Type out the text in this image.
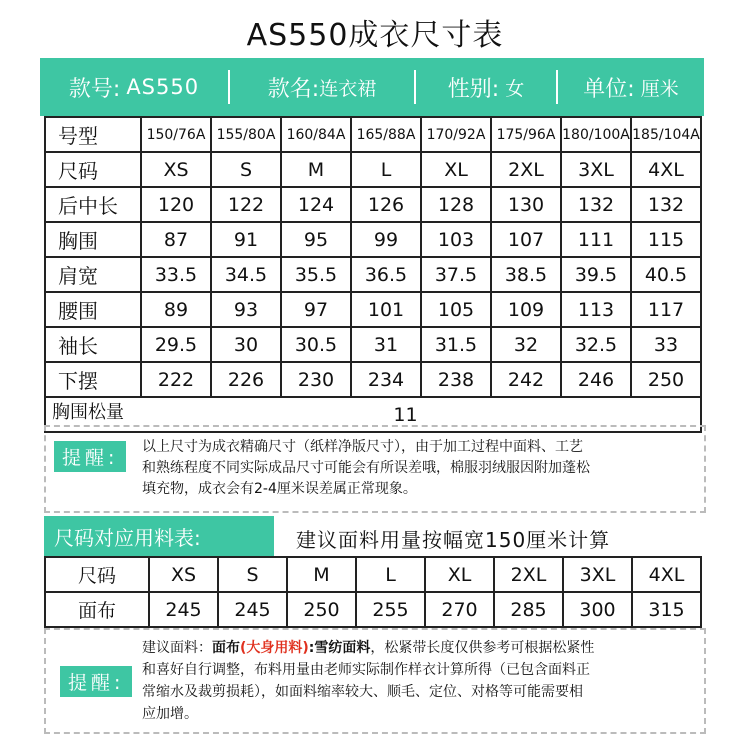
AS550成衣尺寸表
款号: AS550	款名: 连衣裙	性别: 女	单位: 厘米
号型	150/76A	155/80A	160/84A	165/88A	170/92A	175/96A	180/100A	185/104A
尺码	XS	S	M	L	XL	2XL	3XL	4XL
后中长	120	122	124	126	128	130	132	132
胸围	87	91	95	99	103	107	111	115
肩宽	33.5	34.5	35.5	36.5	37.5	38.5	39.5	40.5
腰围	89	93	97	101	105	109	113	117
袖长	29.5	30	30.5	31	31.5	32	32.5	33
下摆	222	226	230	234	238	242	246	250
胸围松量	11							
提醒:	以上尺寸为成衣精确尺寸（纸样净版尺寸），由于加工过程中面料、工艺
和熟练程度不同实际成品尺寸可能会有所误差哦，棉服羽绒服因附加蓬松
填充物，成衣会有2-4厘米误差属正常现象。
尺码对应用料表:	建议面料用量按幅宽150厘米计算
尺码	XS	S	M	L	XL	2XL	3XL	4XL
面布	245	245	250	255	270	285	300	315
提醒:
建议面料：面布(大身用料):雪纺面料，松紧带长度仅供参考可根据松紧性
和喜好自行调整，布料用量由老师实际制作样衣计算所得（已包含面料正
常缩水及裁剪损耗），如面料缩率较大、顺毛、定位、对格等可能需要相
应加增。
